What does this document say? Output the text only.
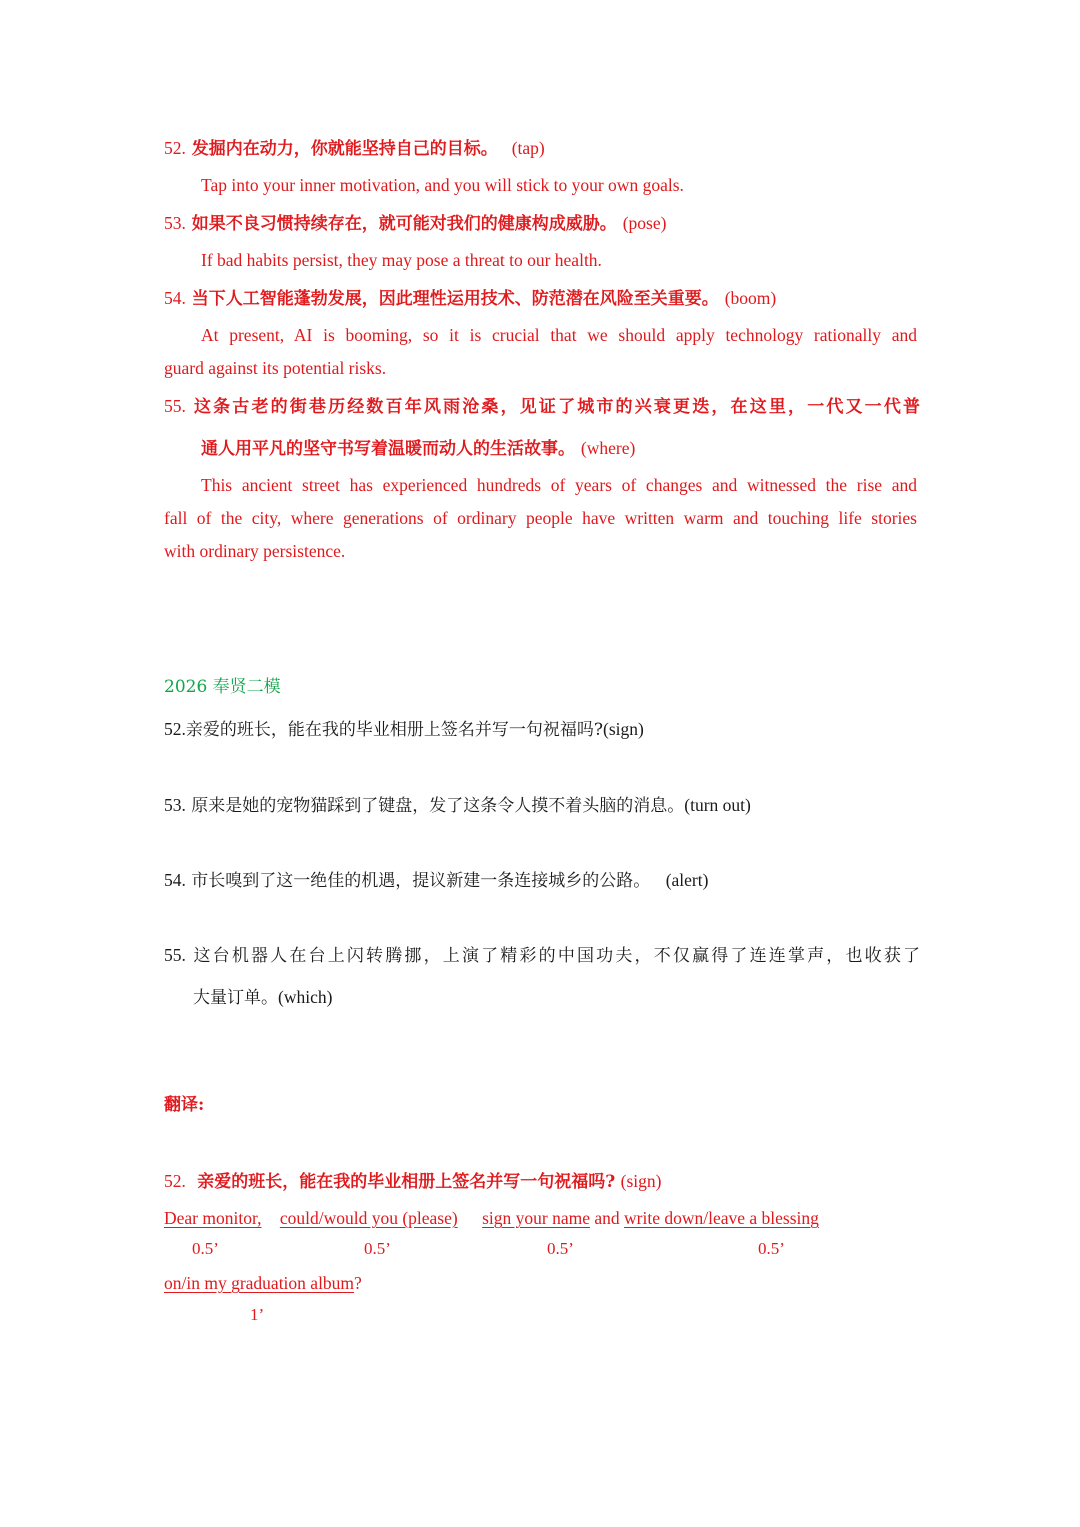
52. 发掘内在动力，你就能坚持自己的目标。 (tap)
Tap into your inner motivation, and you will stick to your own goals.
53. 如果不良习惯持续存在，就可能对我们的健康构成威胁。 (pose)
If bad habits persist, they may pose a threat to our health.
54. 当下人工智能蓬勃发展，因此理性运用技术、防范潜在风险至关重要。 (boom)
At present, AI is booming, so it is crucial that we should apply technology rationally and
guard against its potential risks.
55. 这条古老的街巷历经数百年风雨沧桑，见证了城市的兴衰更迭，在这里，一代又一代普
通人用平凡的坚守书写着温暖而动人的生活故事。 (where)
This ancient street has experienced hundreds of years of changes and witnessed the rise and
fall of the city, where generations of ordinary people have written warm and touching life stories
with ordinary persistence.
2026 奉贤二模
52.亲爱的班长，能在我的毕业相册上签名并写一句祝福吗?(sign)
53. 原来是她的宠物猫踩到了键盘，发了这条令人摸不着头脑的消息。(turn out)
54. 市长嗅到了这一绝佳的机遇，提议新建一条连接城乡的公路。 (alert)
55. 这台机器人在台上闪转腾挪，上演了精彩的中国功夫，不仅赢得了连连掌声，也收获了
大量订单。(which)
翻译:
52. 亲爱的班长，能在我的毕业相册上签名并写一句祝福吗? (sign)
Dear monitor, could/would you (please) sign your name and write down/leave a blessing
0.5’	0.5’	0.5’	0.5’
on/in my graduation album?
1’
